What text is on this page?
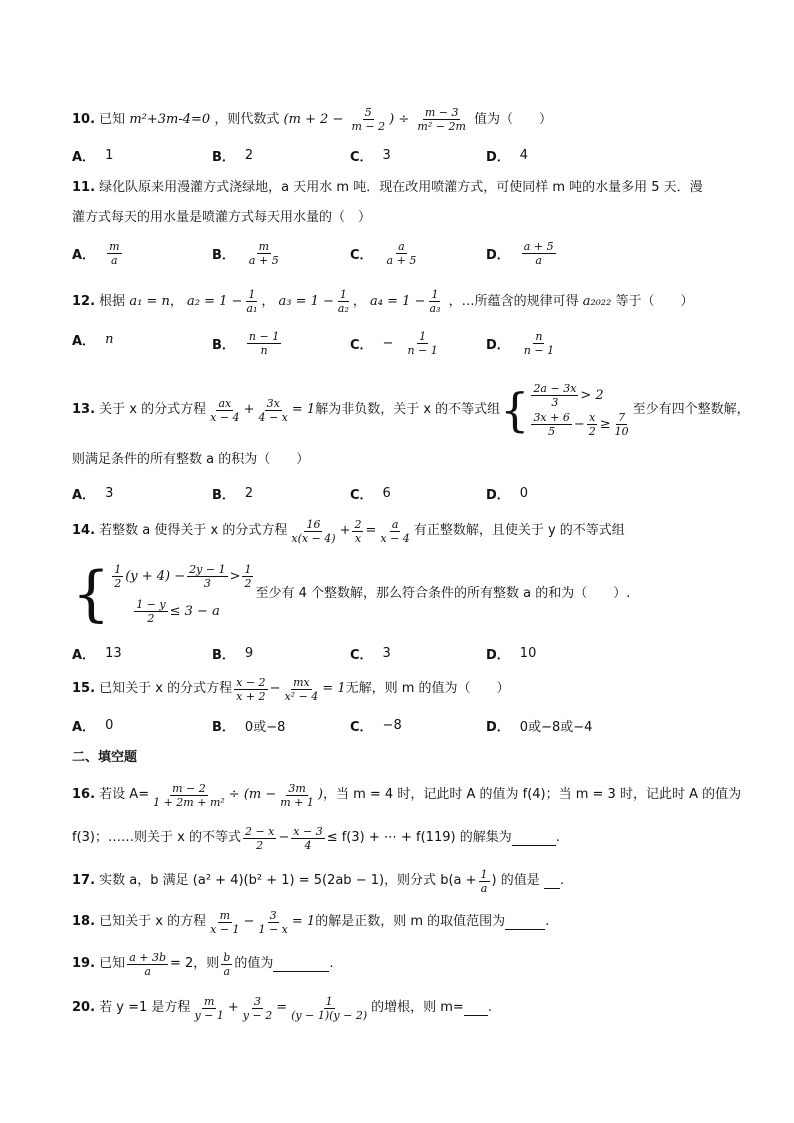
10. 已知 m²+3m-4=0 ，则代数式 ($m + 2 - \frac{5}{m - 2}$ ) ÷ $\frac{m - 3}{\text{m² − 2m}}$ 值为（　　）
A． 1	B． 2	C． 3	D． 4
11. 绿化队原来用漫灌方式浇绿地，a 天用水 m 吨．现在改用喷灌方式，可使同样 m 吨的水量多用 5 天．漫
灌方式每天的用水量是喷灌方式每天用水量的（　）
A． $\frac{m}{a}$	B． $\frac{m}{a + 5}$	C． $\frac{a}{a + 5}$	D． $\frac{a + 5}{a}$
12. 根据 a₁ = n， $a_2 = 1 - \frac{1}{\text{a₁}}$ ， $a_3 = 1 - \frac{1}{\text{a₂}}$ ， $a_4 = 1 - \frac{1}{\text{a₃}}$ ，…所蕴含的规律可得 a₂₀₂₂ 等于（　　）
A． n	B． $\frac{n - 1}{n}$	C． − $\frac{1}{n - 1}$	D． $\frac{n}{n - 1}$
13.
关于 x 的分式方程 $\frac{ax}{x - 4} + \frac{3x}{4 - x} = 1$ 解为非负数，关于 x 的不等式组 { $\frac{2a - 3x}{3} > 2$
$\frac{3x + 6}{5} - \frac{x}{2} \ge \frac{7}{10}$
至少有四个整数解，
则满足条件的所有整数 a 的积为（　　）
A． 3	B． 2	C． 6	D． 0
14.
若整数 a 使得关于 x 的分式方程 $\frac{16}{x(x - 4)} + \frac{2}{x} = \frac{a}{x - 4}$ 有正整数解，且使关于 y 的不等式组
{ $\frac{1}{2} (y + 4) - \frac{2y - 1}{3} > \frac{1}{2}$
$\frac{1 - y}{2} \le 3 - a$
至少有 4 个整数解，那么符合条件的所有整数 a 的和为（　　）.
A． 13	B． 9	C． 3	D． 10
15.
已知关于 x 的分式方程 $\frac{x - 2}{x + 2} - \frac{mx}{\text{x² − 4}} = 1$ 无解，则 m 的值为（　　）
A． 0	B． 0或−8	C． −8	D． 0或−8或−4
二、填空题
16.
若设 $A= \frac{m - 2}{\text{1 + 2m + m²}} \div (m - \frac{3m}{m + 1}$ ) ，当 m = 4 时，记此时 A 的值为 f(4)；当 m = 3 时，记此时 A 的值为
f(3)；……则关于 x 的不等式 $\frac{2 - x}{2} - \frac{x - 3}{4} \le f(3)$ + ⋯ + f(119) 的解集为	.
17.
实数 a，b 满足 (a² + 4)(b² + 1) = 5(2ab − 1)，则分式 $b(a + \frac{1}{a}$ ) 的值是
.
18.
已知关于 x 的方程 $\frac{m}{x - 1} - \frac{3}{1 - x} = 1$ 的解是正数，则 m 的取值范围为	.
19.
已知 $\frac{a + 3b}{a} = 2$，则 $\frac{b}{a}$ 的值为	.
20.
若 y =1 是方程 $\frac{m}{y - 1} + \frac{3}{y - 2} = \frac{1}{(y - 1)(y - 2)}$ 的增根，则 m= .
